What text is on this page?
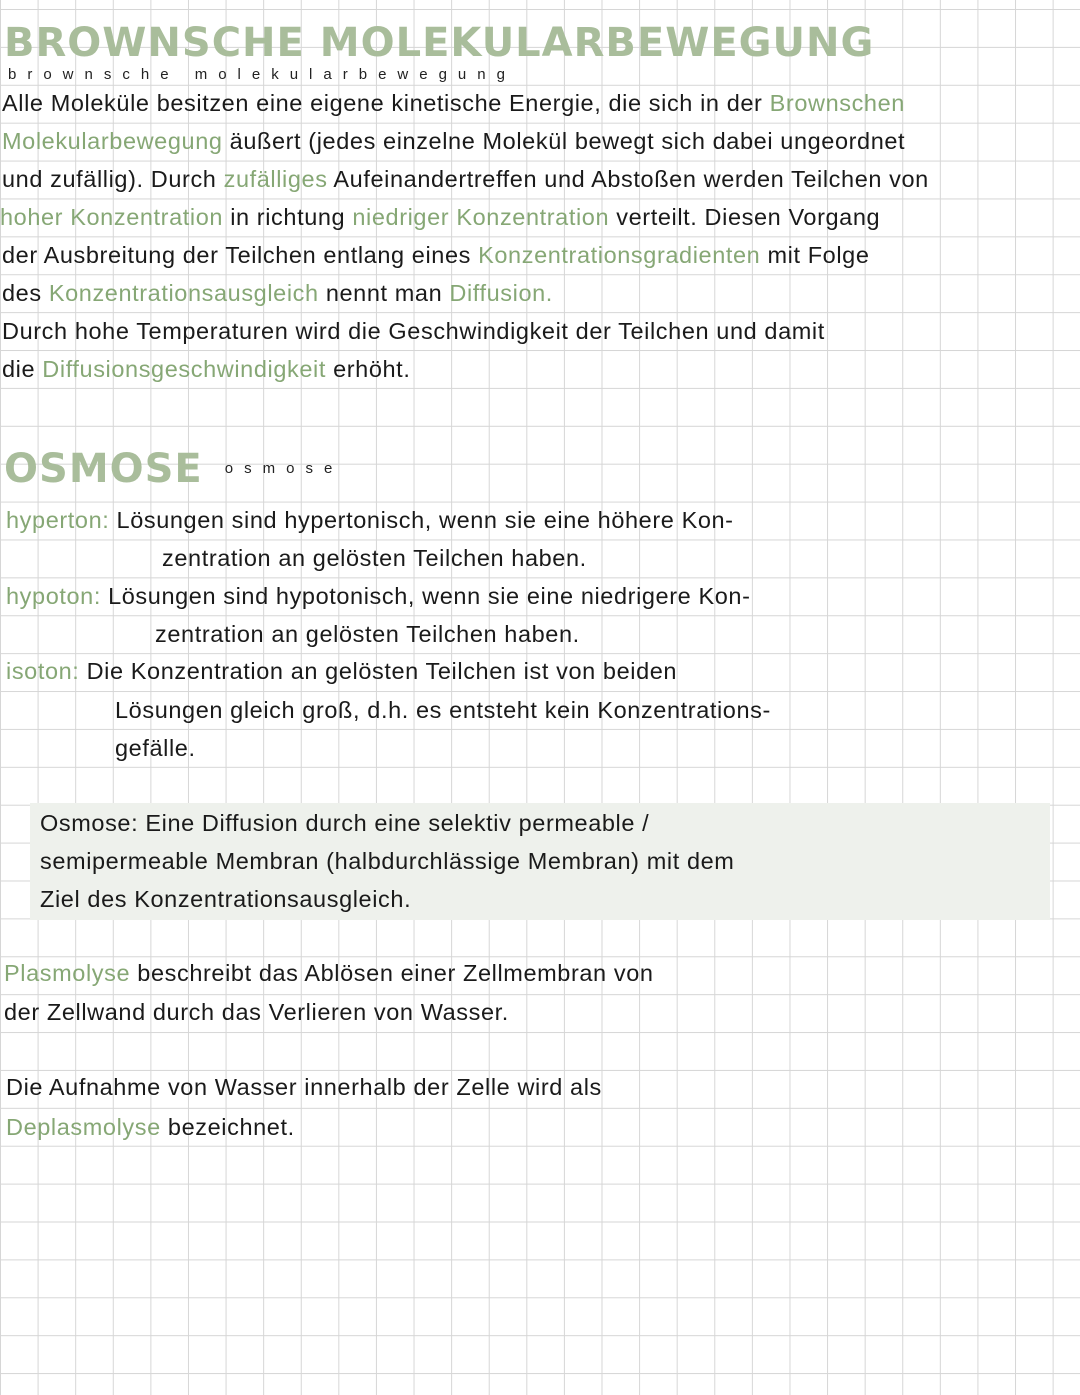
BROWNSCHE MOLEKULARBEWEGUNG
brownsche molekularbewegung
OSMOSE osmose
Alle Moleküle besitzen eine eigene kinetische Energie, die sich in der Brownschen
Molekularbewegung äußert (jedes einzelne Molekül bewegt sich dabei ungeordnet
und zufällig). Durch zufälliges Aufeinandertreffen und Abstoßen werden Teilchen von
hoher Konzentration in richtung niedriger Konzentration verteilt. Diesen Vorgang
der Ausbreitung der Teilchen entlang eines Konzentrationsgradienten mit Folge
des Konzentrationsausgleich nennt man Diffusion.
Durch hohe Temperaturen wird die Geschwindigkeit der Teilchen und damit
die Diffusionsgeschwindigkeit erhöht.
hyperton: Lösungen sind hypertonisch, wenn sie eine höhere Kon-
zentration an gelösten Teilchen haben.
hypoton: Lösungen sind hypotonisch, wenn sie eine niedrigere Kon-
zentration an gelösten Teilchen haben.
isoton: Die Konzentration an gelösten Teilchen ist von beiden
Lösungen gleich groß, d.h. es entsteht kein Konzentrations-
gefälle.
Osmose: Eine Diffusion durch eine selektiv permeable /
semipermeable Membran (halbdurchlässige Membran) mit dem
Ziel des Konzentrationsausgleich.
Plasmolyse beschreibt das Ablösen einer Zellmembran von
der Zellwand durch das Verlieren von Wasser.
Die Aufnahme von Wasser innerhalb der Zelle wird als
Deplasmolyse bezeichnet.
